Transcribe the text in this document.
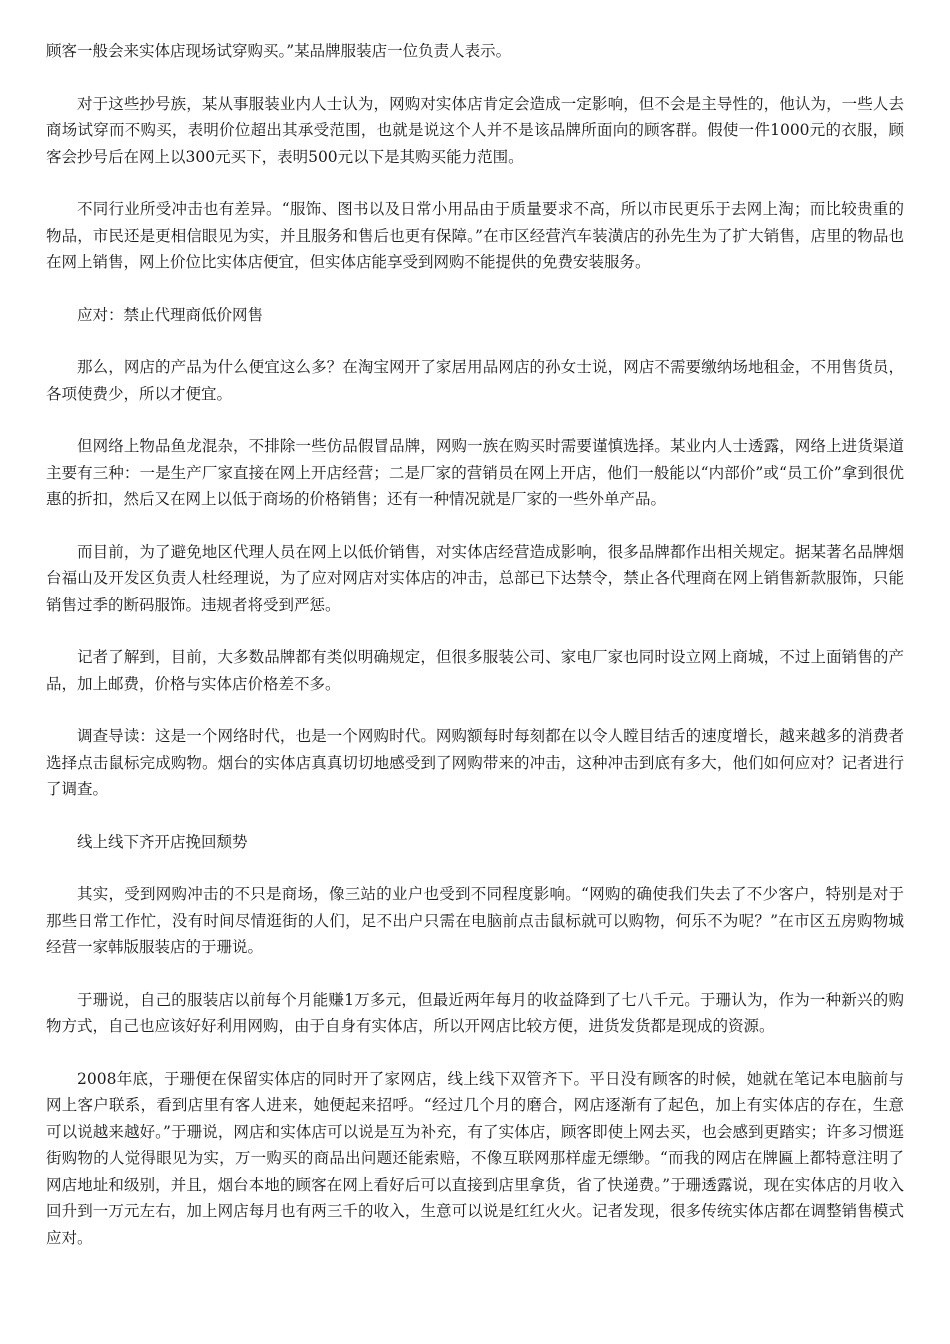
顾客一般会来实体店现场试穿购买。”某品牌服装店一位负责人表示。

对于这些抄号族，某从事服装业内人士认为，网购对实体店肯定会造成一定影响，但不会是主导性的，他认为，一些人去商场试穿而不购买，表明价位超出其承受范围，也就是说这个人并不是该品牌所面向的顾客群。假使一件1000元的衣服，顾客会抄号后在网上以300元买下，表明500元以下是其购买能力范围。

不同行业所受冲击也有差异。“服饰、图书以及日常小用品由于质量要求不高，所以市民更乐于去网上淘；而比较贵重的物品，市民还是更相信眼见为实，并且服务和售后也更有保障。”在市区经营汽车装潢店的孙先生为了扩大销售，店里的物品也在网上销售，网上价位比实体店便宜，但实体店能享受到网购不能提供的免费安装服务。

应对：禁止代理商低价网售

那么，网店的产品为什么便宜这么多？在淘宝网开了家居用品网店的孙女士说，网店不需要缴纳场地租金，不用售货员，各项使费少，所以才便宜。

但网络上物品鱼龙混杂，不排除一些仿品假冒品牌，网购一族在购买时需要谨慎选择。某业内人士透露，网络上进货渠道主要有三种：一是生产厂家直接在网上开店经营；二是厂家的营销员在网上开店，他们一般能以“内部价”或“员工价”拿到很优惠的折扣，然后又在网上以低于商场的价格销售；还有一种情况就是厂家的一些外单产品。

而目前，为了避免地区代理人员在网上以低价销售，对实体店经营造成影响，很多品牌都作出相关规定。据某著名品牌烟台福山及开发区负责人杜经理说，为了应对网店对实体店的冲击，总部已下达禁令，禁止各代理商在网上销售新款服饰，只能销售过季的断码服饰。违规者将受到严惩。

记者了解到，目前，大多数品牌都有类似明确规定，但很多服装公司、家电厂家也同时设立网上商城，不过上面销售的产品，加上邮费，价格与实体店价格差不多。

调查导读：这是一个网络时代，也是一个网购时代。网购额每时每刻都在以令人瞠目结舌的速度增长，越来越多的消费者选择点击鼠标完成购物。烟台的实体店真真切切地感受到了网购带来的冲击，这种冲击到底有多大，他们如何应对？记者进行了调查。

线上线下齐开店挽回颓势

其实，受到网购冲击的不只是商场，像三站的业户也受到不同程度影响。“网购的确使我们失去了不少客户，特别是对于那些日常工作忙，没有时间尽情逛街的人们，足不出户只需在电脑前点击鼠标就可以购物，何乐不为呢？”在市区五房购物城经营一家韩版服装店的于珊说。

于珊说，自己的服装店以前每个月能赚1万多元，但最近两年每月的收益降到了七八千元。于珊认为，作为一种新兴的购物方式，自己也应该好好利用网购，由于自身有实体店，所以开网店比较方便，进货发货都是现成的资源。

2008年底，于珊便在保留实体店的同时开了家网店，线上线下双管齐下。平日没有顾客的时候，她就在笔记本电脑前与网上客户联系，看到店里有客人进来，她便起来招呼。“经过几个月的磨合，网店逐渐有了起色，加上有实体店的存在，生意可以说越来越好。”于珊说，网店和实体店可以说是互为补充，有了实体店，顾客即使上网去买，也会感到更踏实；许多习惯逛街购物的人觉得眼见为实，万一购买的商品出问题还能索赔，不像互联网那样虚无缥缈。“而我的网店在牌匾上都特意注明了网店地址和级别，并且，烟台本地的顾客在网上看好后可以直接到店里拿货，省了快递费。”于珊透露说，现在实体店的月收入回升到一万元左右，加上网店每月也有两三千的收入，生意可以说是红红火火。记者发现，很多传统实体店都在调整销售模式应对。
